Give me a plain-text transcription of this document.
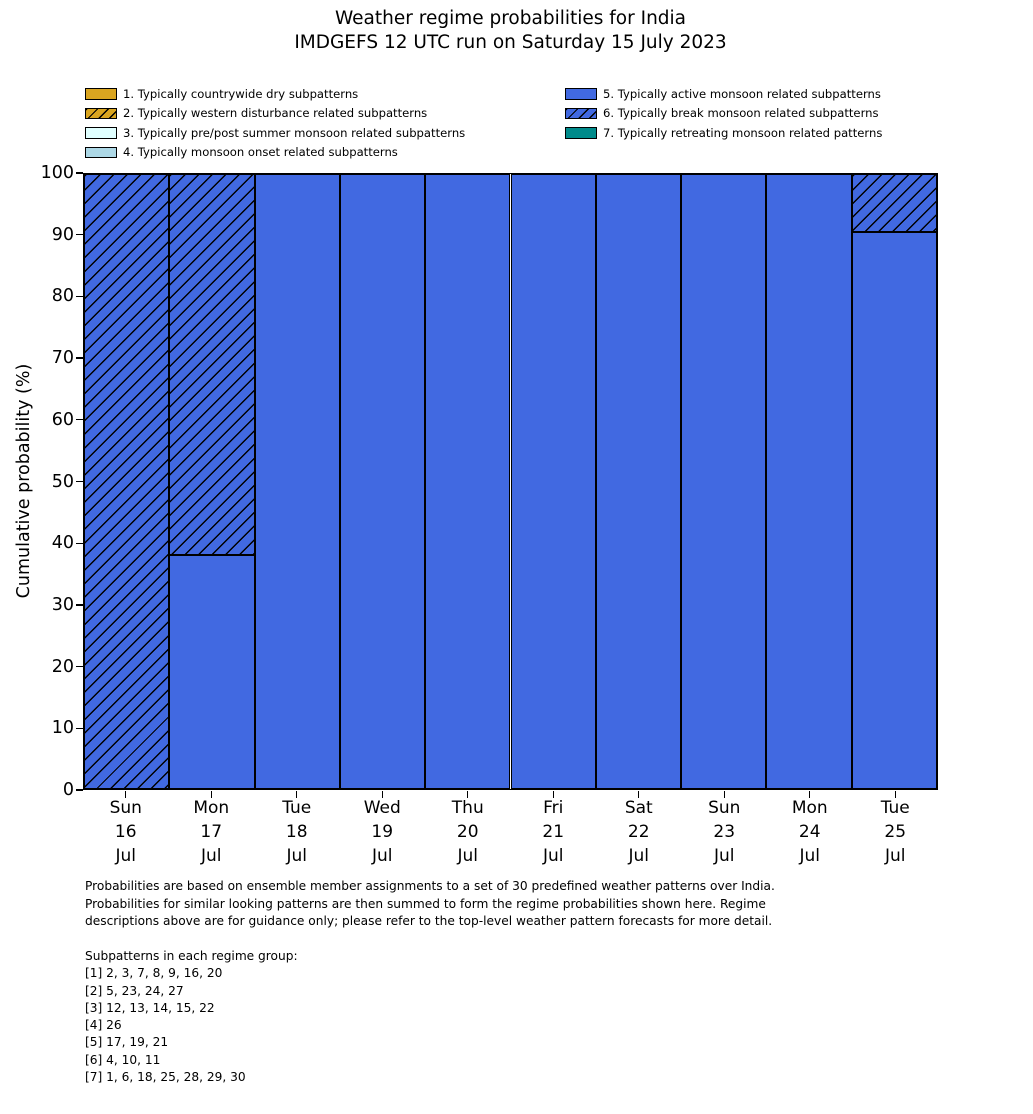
Weather regime probabilities for India
IMDGEFS 12 UTC run on Saturday 15 July 2023
1. Typically countrywide dry subpatterns
2. Typically western disturbance related subpatterns
3. Typically pre/post summer monsoon related subpatterns
4. Typically monsoon onset related subpatterns
5. Typically active monsoon related subpatterns
6. Typically break monsoon related subpatterns
7. Typically retreating monsoon related patterns
Cumulative probability (%)
0
10
20
30
40
50
60
70
80
90
100
Sun
16
Jul
Mon
17
Jul
Tue
18
Jul
Wed
19
Jul
Thu
20
Jul
Fri
21
Jul
Sat
22
Jul
Sun
23
Jul
Mon
24
Jul
Tue
25
Jul
Probabilities are based on ensemble member assignments to a set of 30 predefined weather patterns over India.
Probabilities for similar looking patterns are then summed to form the regime probabilities shown here. Regime
descriptions above are for guidance only; please refer to the top-level weather pattern forecasts for more detail.
Subpatterns in each regime group:
[1] 2, 3, 7, 8, 9, 16, 20
[2] 5, 23, 24, 27
[3] 12, 13, 14, 15, 22
[4] 26
[5] 17, 19, 21
[6] 4, 10, 11
[7] 1, 6, 18, 25, 28, 29, 30
